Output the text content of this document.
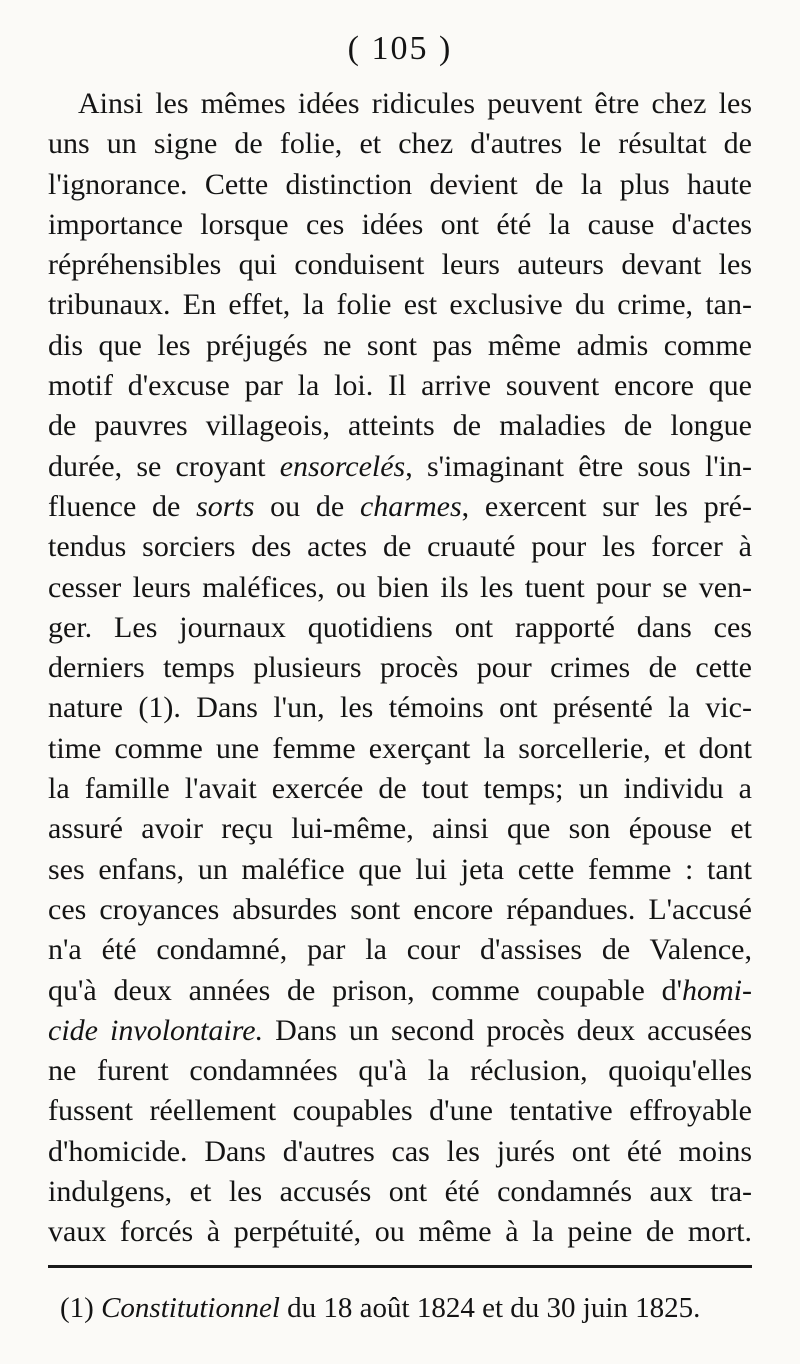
( 105 )
Ainsi les mêmes idées ridicules peuvent être chez les
uns un signe de folie, et chez d'autres le résultat de
l'ignorance. Cette distinction devient de la plus haute
importance lorsque ces idées ont été la cause d'actes
répréhensibles qui conduisent leurs auteurs devant les
tribunaux. En effet, la folie est exclusive du crime, tan-
dis que les préjugés ne sont pas même admis comme
motif d'excuse par la loi. Il arrive souvent encore que
de pauvres villageois, atteints de maladies de longue
durée, se croyant ensorcelés, s'imaginant être sous l'in-
fluence de sorts ou de charmes, exercent sur les pré-
tendus sorciers des actes de cruauté pour les forcer à
cesser leurs maléfices, ou bien ils les tuent pour se ven-
ger. Les journaux quotidiens ont rapporté dans ces
derniers temps plusieurs procès pour crimes de cette
nature (1). Dans l'un, les témoins ont présenté la vic-
time comme une femme exerçant la sorcellerie, et dont
la famille l'avait exercée de tout temps; un individu a
assuré avoir reçu lui-même, ainsi que son épouse et
ses enfans, un maléfice que lui jeta cette femme : tant
ces croyances absurdes sont encore répandues. L'accusé
n'a été condamné, par la cour d'assises de Valence,
qu'à deux années de prison, comme coupable d'homi-
cide involontaire. Dans un second procès deux accusées
ne furent condamnées qu'à la réclusion, quoiqu'elles
fussent réellement coupables d'une tentative effroyable
d'homicide. Dans d'autres cas les jurés ont été moins
indulgens, et les accusés ont été condamnés aux tra-
vaux forcés à perpétuité, ou même à la peine de mort.
(1) Constitutionnel du 18 août 1824 et du 30 juin 1825.
